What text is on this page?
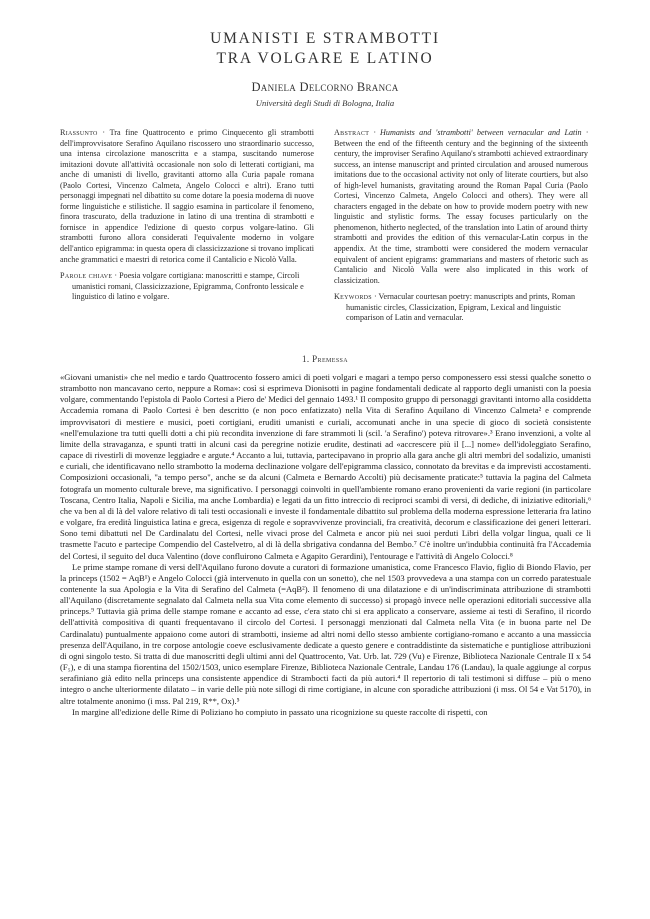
UMANISTI E STRAMBOTTI
TRA VOLGARE E LATINO
Daniela Delcorno Branca
Università degli Studi di Bologna, Italia

Riassunto · Tra fine Quattrocento e primo Cinquecento gli strambotti dell'improvvisatore Serafino Aquilano riscossero uno straordinario successo, una intensa circolazione manoscritta e a stampa, suscitando numerose imitazioni dovute all'attività occasionale non solo di letterati cortigiani, ma anche di umanisti di livello, gravitanti attorno alla Curia papale romana (Paolo Cortesi, Vincenzo Calmeta, Angelo Colocci e altri). Erano tutti personaggi impegnati nel dibattito su come dotare la poesia moderna di nuove forme linguistiche e stilistiche. Il saggio esamina in particolare il fenomeno, finora trascurato, della traduzione in latino di una trentina di strambotti e fornisce in appendice l'edizione di questo corpus volgare-latino. Gli strambotti furono allora considerati l'equivalente moderno in volgare dell'antico epigramma: in questa opera di classicizzazione si trovano implicati anche grammatici e maestri di retorica come il Cantalicio e Nicolò Valla.

Parole chiave · Poesia volgare cortigiana: manoscritti e stampe, Circoli umanistici romani, Classicizzazione, Epigramma, Confronto lessicale e linguistico di latino e volgare.

Abstract · Humanists and 'strambotti' between vernacular and Latin · Between the end of the fifteenth century and the beginning of the sixteenth century, the improviser Serafino Aquilano's strambotti achieved extraordinary success, an intense manuscript and printed circulation and aroused numerous imitations due to the occasional activity not only of literate courtiers, but also of high-level humanists, gravitating around the Roman Papal Curia (Paolo Cortesi, Vincenzo Calmeta, Angelo Colocci and others). They were all characters engaged in the debate on how to provide modern poetry with new linguistic and stylistic forms. The essay focuses particularly on the phenomenon, hitherto neglected, of the translation into Latin of around thirty strambotti and provides the edition of this vernacular-Latin corpus in the appendix. At the time, strambotti were considered the modern vernacular equivalent of ancient epigrams: grammarians and masters of rhetoric such as Cantalicio and Nicolò Valla were also implicated in this work of classicization.

Keywords · Vernacular courtesan poetry: manuscripts and prints, Roman humanistic circles, Classicization, Epigram, Lexical and linguistic comparison of Latin and vernacular.

1. Premessa

«Giovani umanisti» che nel medio e tardo Quattrocento fossero amici di poeti volgari e magari a tempo perso componessero essi stessi qualche sonetto o strambotto non mancavano certo, neppure a Roma»: così si esprimeva Dionisotti in pagine fondamentali dedicate al rapporto degli umanisti con la poesia volgare, commentando l'epistola di Paolo Cortesi a Piero de' Medici del gennaio 1493.¹ Il composito gruppo di personaggi gravitanti intorno alla cosiddetta Accademia romana di Paolo Cortesi è ben descritto (e non poco enfatizzato) nella Vita di Serafino Aquilano di Vincenzo Calmeta² e comprende improvvisatori di mestiere e musici, poeti cortigiani, eruditi umanisti e curiali, accomunati anche in una specie di gioco di società consistente «nell'emulazione tra tutti quelli dotti a chi più recondita invenzione di fare strammoti li (scil. 'a Serafino') poteva ritrovare».³ Erano invenzioni, a volte al limite della stravaganza, e spunti tratti in alcuni casi da peregrine notizie erudite, destinati ad «accrescere più il [...] nome» dell'idoleggiato Serafino, capace di rivestirli di movenze leggiadre e argute.⁴ Accanto a lui, tuttavia, partecipavano in proprio alla gara anche gli altri membri del sodalizio, umanisti e curiali, che identificavano nello strambotto la moderna declinazione volgare dell'epigramma classico, connotato da brevitas e da imprevisti accostamenti. Composizioni occasionali, "a tempo perso", anche se da alcuni (Calmeta e Bernardo Accolti) più decisamente praticate:⁵ tuttavia la pagina del Calmeta fotografa un momento culturale breve, ma significativo. I personaggi coinvolti in quell'ambiente romano erano provenienti da varie regioni (in particolare Toscana, Centro Italia, Napoli e Sicilia, ma anche Lombardia) e legati da un fitto intreccio di reciproci scambi di versi, di dediche, di iniziative editoriali,⁶ che va ben al di là del valore relativo di tali testi occasionali e investe il fondamentale dibattito sul problema della moderna espressione letteraria fra latino e volgare, fra eredità linguistica latina e greca, esigenza di regole e sopravvivenze provinciali, fra creatività, decorum e classificazione dei generi letterari. Sono temi dibattuti nel De Cardinalatu del Cortesi, nelle vivaci prose del Calmeta e ancor più nei suoi perduti Libri della volgar lingua, quali ce li trasmette l'acuto e partecipe Compendio del Castelvetro, al di là della sbrigativa condanna del Bembo.⁷ C'è inoltre un'indubbia continuità fra l'Accademia del Cortesi, il seguito del duca Valentino (dove confluirono Calmeta e Agapito Gerardini), l'entourage e l'attività di Angelo Colocci.⁸

Le prime stampe romane di versi dell'Aquilano furono dovute a curatori di formazione umanistica, come Francesco Flavio, figlio di Biondo Flavio, per la princeps (1502 = AqB¹) e Angelo Colocci (già intervenuto in quella con un sonetto), che nel 1503 provvedeva a una stampa con un corredo paratestuale contenente la sua Apologia e la Vita di Serafino del Calmeta (=AqB²). Il fenomeno di una dilatazione e di un'indiscriminata attribuzione di strambotti all'Aquilano (discretamente segnalato dal Calmeta nella sua Vita come elemento di successo) si propagò invece nelle operazioni editoriali successive alla princeps.⁹ Tuttavia già prima delle stampe romane e accanto ad esse, c'era stato chi si era applicato a conservare, assieme ai testi di Serafino, il ricordo dell'attività compositiva di quanti frequentavano il circolo del Cortesi. I personaggi menzionati dal Calmeta nella Vita (e in buona parte nel De Cardinalatu) puntualmente appaiono come autori di strambotti, insieme ad altri nomi dello stesso ambiente cortigiano-romano e accanto a una massiccia presenza dell'Aquilano, in tre corpose antologie coeve esclusivamente dedicate a questo genere e contraddistinte da sistematiche e puntigliose attribuzioni di ogni singolo testo. Si tratta di due manoscritti degli ultimi anni del Quattrocento, Vat. Urb. lat. 729 (Vu) e Firenze, Biblioteca Nazionale Centrale II x 54 (F₅), e di una stampa fiorentina del 1502/1503, unico esemplare Firenze, Biblioteca Nazionale Centrale, Landau 176 (Landau), la quale aggiunge al corpus serafiniano già edito nella princeps una consistente appendice di Strambocti facti da più autori.⁴ Il repertorio di tali testimoni si diffuse – più o meno integro o anche ulteriormente dilatato – in varie delle più note sillogi di rime cortigiane, in alcune con sporadiche attribuzioni (i mss. Ol 54 e Vat 5170), in altre totalmente anonimo (i mss. Pal 219, R**, Ox).⁵

In margine all'edizione delle Rime di Poliziano ho compiuto in passato una ricognizione su queste raccolte di rispetti, con
